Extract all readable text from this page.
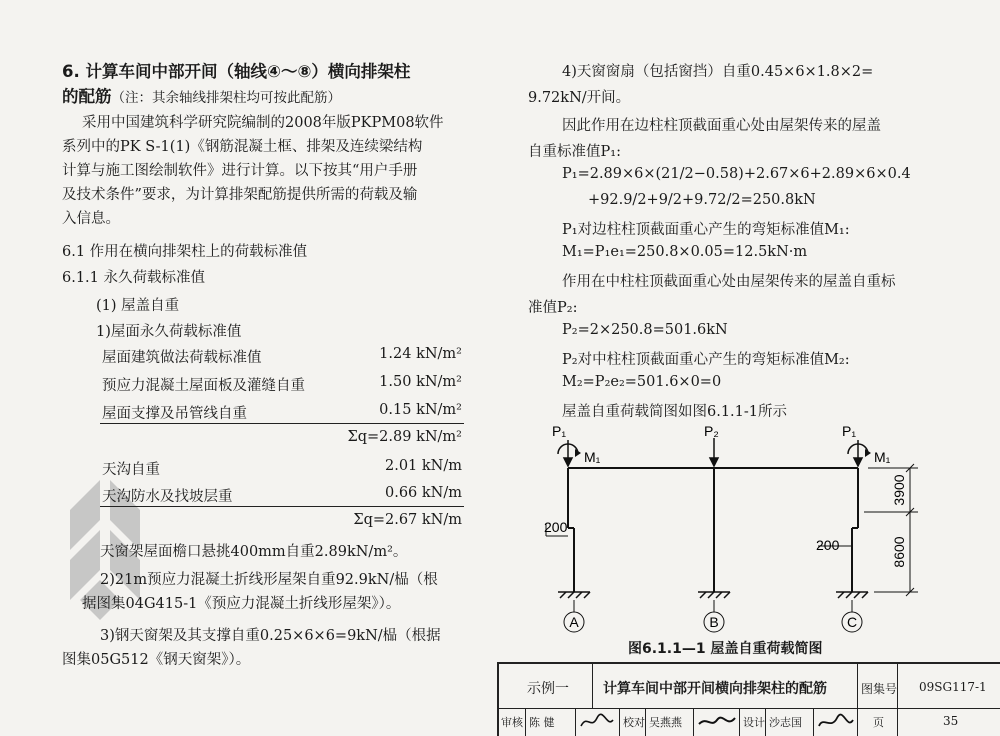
6. 计算车间中部开间（轴线④～⑧）横向排架柱
的配筋（注：其余轴线排架柱均可按此配筋）
采用中国建筑科学研究院编制的2008年版PKPM08软件
系列中的PK S-1(1)《钢筋混凝土框、排架及连续梁结构
计算与施工图绘制软件》进行计算。以下按其“用户手册
及技术条件”要求，为计算排架配筋提供所需的荷载及输
入信息。
6.1 作用在横向排架柱上的荷载标准值
6.1.1 永久荷载标准值
(1) 屋盖自重
1)屋面永久荷载标准值
屋面建筑做法荷载标准值	1.24 kN/m²
预应力混凝土屋面板及灌缝自重	1.50 kN/m²
屋面支撑及吊管线自重	0.15 kN/m²
Σq=2.89 kN/m²
天沟自重	2.01 kN/m
天沟防水及找坡层重	0.66 kN/m
Σq=2.67 kN/m
天窗架屋面檐口悬挑400mm自重2.89kN/m²。
2)21m预应力混凝土折线形屋架自重92.9kN/榀（根
据图集04G415-1《预应力混凝土折线形屋架》）。
3)钢天窗架及其支撑自重0.25×6×6=9kN/榀（根据
图集05G512《钢天窗架》）。
4)天窗窗扇（包括窗挡）自重0.45×6×1.8×2=
9.72kN/开间。
因此作用在边柱柱顶截面重心处由屋架传来的屋盖
自重标准值P₁:
P₁=2.89×6×(21/2−0.58)+2.67×6+2.89×6×0.4
+92.9/2+9/2+9.72/2=250.8kN
P₁对边柱柱顶截面重心产生的弯矩标准值M₁:
M₁=P₁e₁=250.8×0.05=12.5kN·m
作用在中柱柱顶截面重心处由屋架传来的屋盖自重标
准值P₂:
P₂=2×250.8=501.6kN
P₂对中柱柱顶截面重心产生的弯矩标准值M₂:
M₂=P₂e₂=501.6×0=0
屋盖自重荷载简图如图6.1.1-1所示
A	B	C
P₁
M₁
P₂	P₁
M₁
200
200
3900
8600
图6.1.1—1 屋盖自重荷载简图
示例一 计算车间中部开间横向排架柱的配筋	图集号 09SG117-1
审核 陈 健	校对 吴燕燕	设计 沙志国	页	35
